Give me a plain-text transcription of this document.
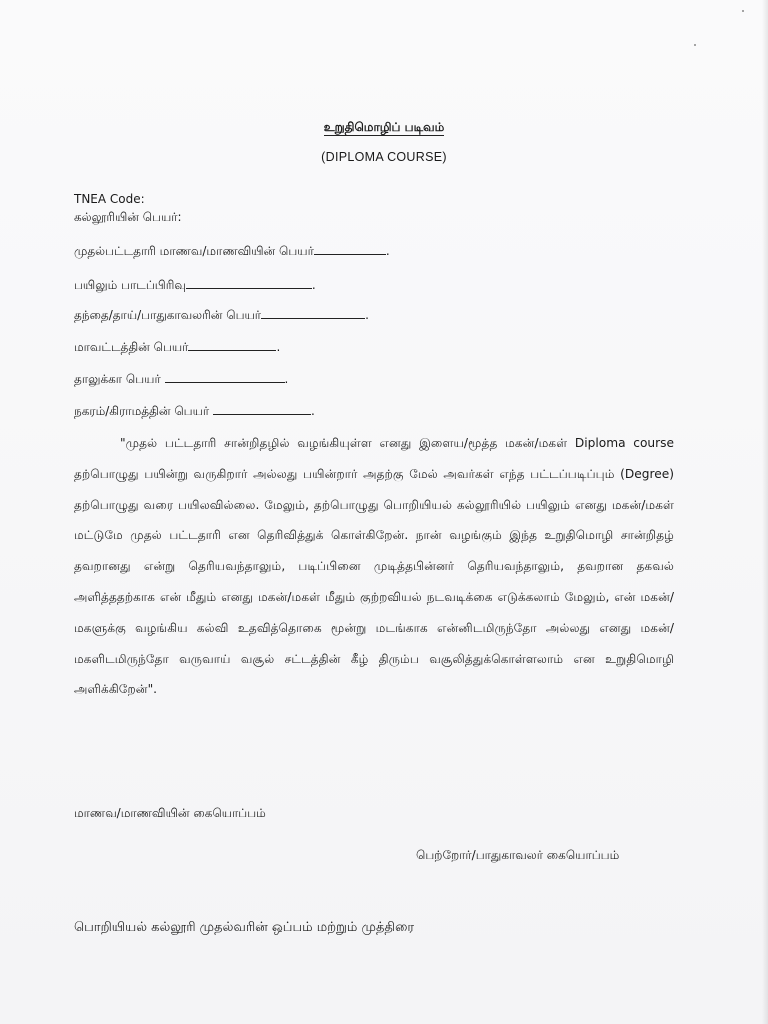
உறுதிமொழிப் படிவம்
(DIPLOMA COURSE)
TNEA Code:
கல்லூரியின் பெயர்:
முதல்பட்டதாரி மாணவ/மாணவியின் பெயர்	.
பயிலும் பாடப்பிரிவு	.
தந்தை/தாய்/பாதுகாவலரின் பெயர்	.
மாவட்டத்தின் பெயர்	.
தாலுக்கா பெயர்	.
நகரம்/கிராமத்தின் பெயர்	.
"முதல் பட்டதாரி சான்றிதழில் வழங்கியுள்ள எனது இளைய/மூத்த மகன்/மகள் Diploma course தற்பொழுது பயின்று வருகிறார் அல்லது பயின்றார் அதற்கு மேல் அவர்கள் எந்த பட்டப்படிப்பும் (Degree) தற்பொழுது வரை பயிலவில்லை. மேலும், தற்பொழுது பொறியியல் கல்லூரியில் பயிலும் எனது மகன்/மகள் மட்டுமே முதல் பட்டதாரி என தெரிவித்துக் கொள்கிறேன். நான் வழங்கும் இந்த உறுதிமொழி சான்றிதழ் தவறானது என்று தெரியவந்தாலும், படிப்பினை முடித்தபின்னர் தெரியவந்தாலும், தவறான தகவல் அளித்ததற்காக என் மீதும் எனது மகன்/மகள் மீதும் குற்றவியல் நடவடிக்கை எடுக்கலாம் மேலும், என் மகன்/மகளுக்கு வழங்கிய கல்வி உதவித்தொகை மூன்று மடங்காக என்னிடமிருந்தோ அல்லது எனது மகன்/மகளிடமிருந்தோ வருவாய் வசூல் சட்டத்தின் கீழ் திரும்ப வசூலித்துக்கொள்ளலாம் என உறுதிமொழி அளிக்கிறேன்".
மாணவ/மாணவியின் கையொப்பம்
பெற்றோர்/பாதுகாவலர் கையொப்பம்
பொறியியல் கல்லூரி முதல்வரின் ஒப்பம் மற்றும் முத்திரை
